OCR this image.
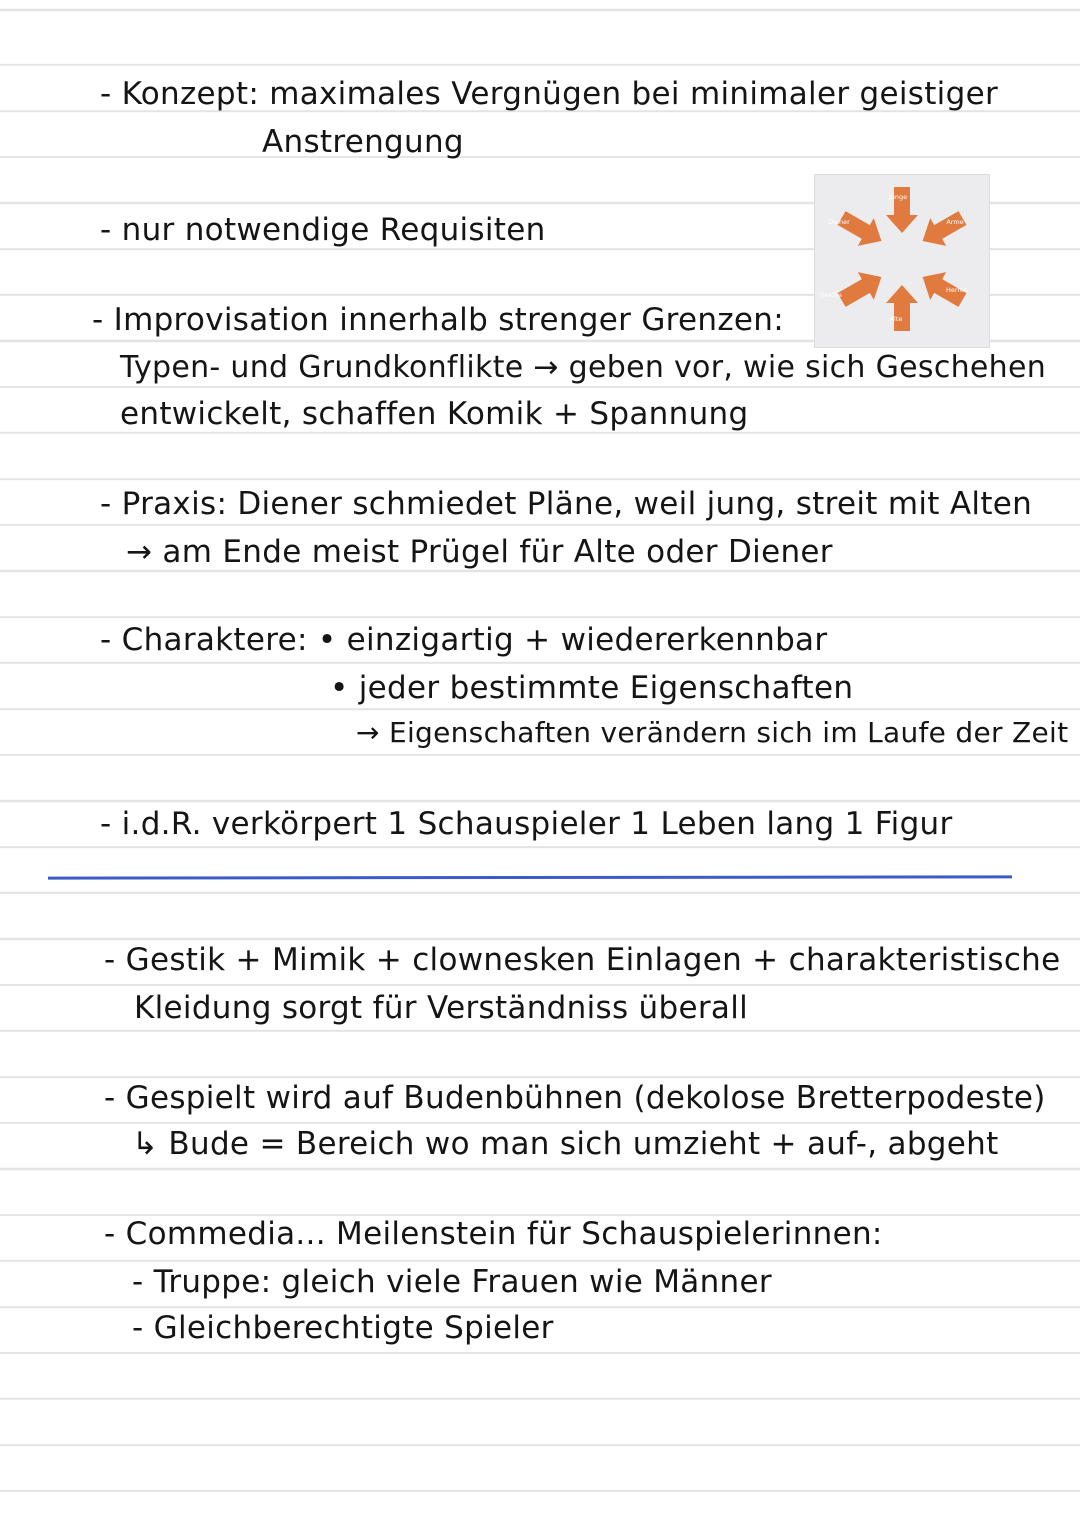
- Konzept: maximales Vergnügen bei minimaler geistiger
Anstrengung
- nur notwendige Requisiten
- Improvisation innerhalb strenger Grenzen:
Typen- und Grundkonflikte → geben vor, wie sich Geschehen
entwickelt, schaffen Komik + Spannung
- Praxis: Diener schmiedet Pläne, weil jung, streit mit Alten
→ am Ende meist Prügel für Alte oder Diener
- Charaktere: • einzigartig + wiedererkennbar
• jeder bestimmte Eigenschaften
→ Eigenschaften verändern sich im Laufe der Zeit
- i.d.R. verkörpert 1 Schauspieler 1 Leben lang 1 Figur
- Gestik + Mimik + clownesken Einlagen + charakteristische
Kleidung sorgt für Verständniss überall
- Gespielt wird auf Budenbühnen (dekolose Bretterpodeste)
↳ Bude = Bereich wo man sich umzieht + auf-, abgeht
- Commedia... Meilenstein für Schauspielerinnen:
- Truppe: gleich viele Frauen wie Männer
- Gleichberechtigte Spieler
Junge
Arme
Herren
Alte
Reiche
Diener
